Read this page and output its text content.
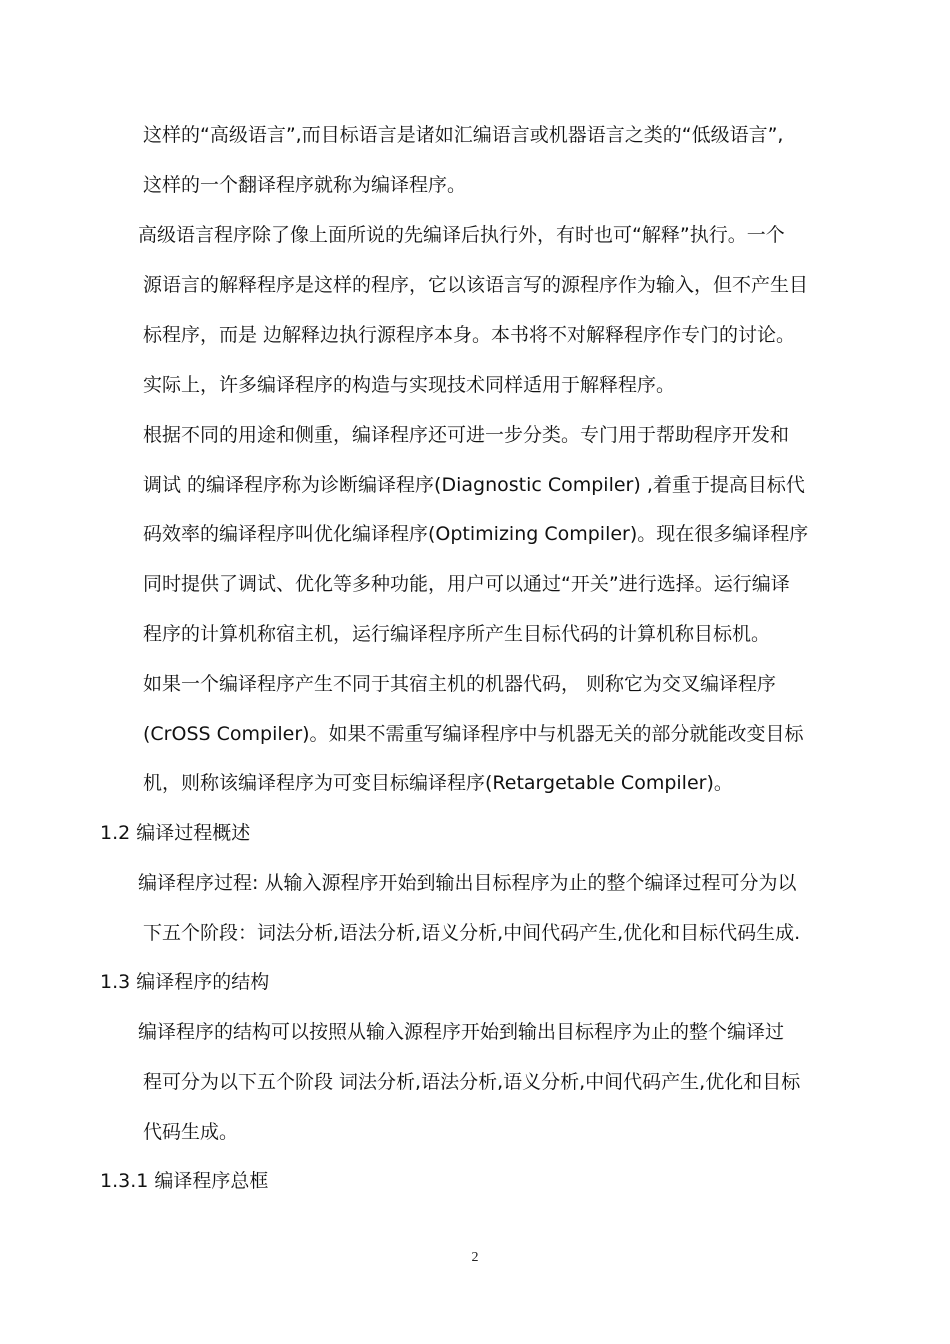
这样的“高级语言”,而目标语言是诸如汇编语言或机器语言之类的“低级语言”,
这样的一个翻译程序就称为编译程序。
高级语言程序除了像上面所说的先编译后执行外，有时也可“解释”执行。一个
源语言的解释程序是这样的程序，它以该语言写的源程序作为输入，但不产生目
标程序，而是 边解释边执行源程序本身。本书将不对解释程序作专门的讨论。
实际上，许多编译程序的构造与实现技术同样适用于解释程序。
根据不同的用途和侧重，编译程序还可进一步分类。专门用于帮助程序开发和
调试 的编译程序称为诊断编译程序(Diagnostic Compiler) ,着重于提高目标代
码效率的编译程序叫优化编译程序(Optimizing Compiler)。现在很多编译程序
同时提供了调试、优化等多种功能，用户可以通过“开关”进行选择。运行编译
程序的计算机称宿主机，运行编译程序所产生目标代码的计算机称目标机。
如果一个编译程序产生不同于其宿主机的机器代码， 则称它为交叉编译程序
(CrOSS Compiler)。如果不需重写编译程序中与机器无关的部分就能改变目标
机，则称该编译程序为可变目标编译程序(Retargetable Compiler)。
1.2 编译过程概述
编译程序过程: 从输入源程序开始到输出目标程序为止的整个编译过程可分为以
下五个阶段：词法分析,语法分析,语义分析,中间代码产生,优化和目标代码生成.
1.3 编译程序的结构
编译程序的结构可以按照从输入源程序开始到输出目标程序为止的整个编译过
程可分为以下五个阶段 词法分析,语法分析,语义分析,中间代码产生,优化和目标
代码生成。
1.3.1 编译程序总框
2
